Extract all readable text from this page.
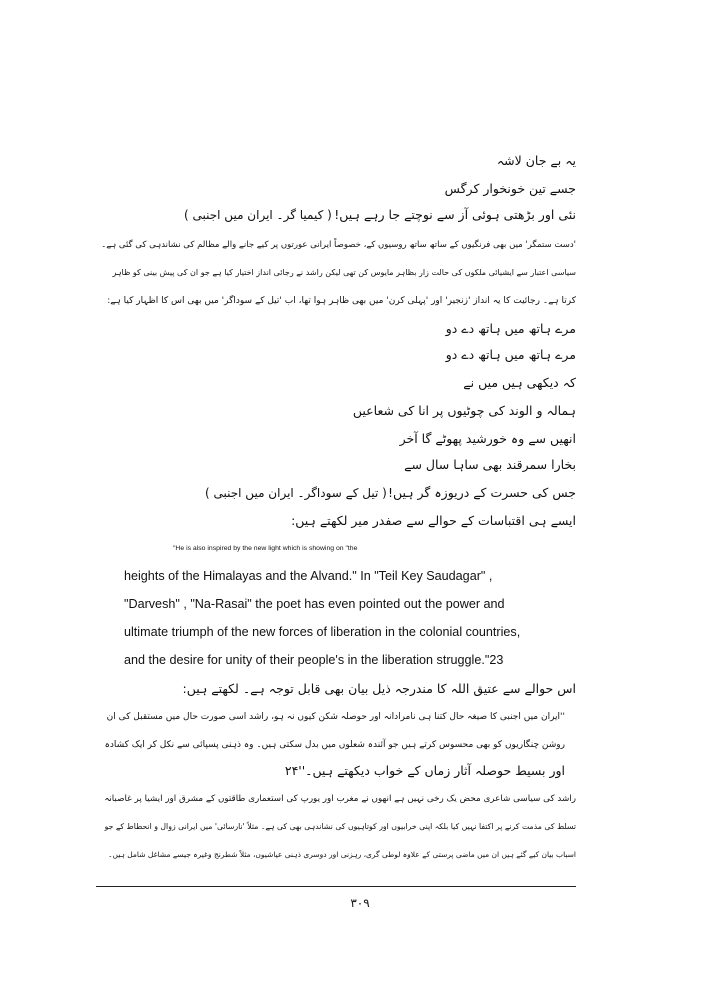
یہ بے جان لاشہ
جسے تین خونخوار کرگس
نئی اور بڑھتی ہوئی آز سے نوچتے جا رہے ہیں!
( کیمیا گر۔ ایران میں اجنبی )
'دست ستمگر' میں بھی فرنگیوں کے ساتھ ساتھ روسیوں کے، خصوصاً ایرانی عورتوں پر کیے جانے والے مظالم کی نشاندہی کی گئی ہے۔
سیاسی اعتبار سے ایشیائی ملکوں کی حالت زار بظاہر مایوس کن تھی لیکن راشد نے رجائی انداز اختیار کیا ہے جو ان کی پیش بینی کو ظاہر
کرتا ہے۔ رجائیت کا یہ انداز 'زنجیر' اور 'پہلی کرن' میں بھی ظاہر ہوا تھا، اب 'تیل کے سوداگر' میں بھی اس کا اظہار کیا ہے:
مرے ہاتھ میں ہاتھ دے دو
مرے ہاتھ میں ہاتھ دے دو
کہ دیکھی ہیں میں نے
ہمالہ و الوند کی چوٹیوں پر انا کی شعاعیں
انھیں سے وہ خورشید پھوٹے گا آخر
بخارا سمرقند بھی ساہا سال سے
جس کی حسرت کے دریوزہ گر ہیں!
( تیل کے سوداگر۔ ایران میں اجنبی )
ایسے ہی اقتباسات کے حوالے سے صفدر میر لکھتے ہیں:
"He is also inspired by the new light which is showing on "the
heights of the Himalayas and the Alvand." In "Teil Key Saudagar" ,
"Darvesh" , "Na-Rasai" the poet has even pointed out the power and
ultimate triumph of the new forces of liberation in the colonial countries,
and the desire for unity of their people's in the liberation struggle."23
اس حوالے سے عتیق اللہ کا مندرجہ ذیل بیان بھی قابل توجہ ہے۔ لکھتے ہیں:
''ایران میں اجنبی کا صیغہ حال کتنا ہی نامرادانہ اور حوصلہ شکن کیوں نہ ہو، راشد اسی صورت حال میں مستقبل کی ان
روشن چنگاریوں کو بھی محسوس کرتے ہیں جو آئندہ شعلوں میں بدل سکتی ہیں۔ وہ ذہنی پسپائی سے نکل کر ایک کشادہ
اور بسیط حوصلہ آثار زماں کے خواب دیکھتے ہیں۔''۲۴
راشد کی سیاسی شاعری محض یک رخی نہیں ہے انھوں نے مغرب اور یورپ کی استعماری طاقتوں کے مشرق اور ایشیا پر غاصبانہ
تسلط کی مذمت کرنے پر اکتفا نہیں کیا بلکہ اپنی خرابیوں اور کوتاہیوں کی نشاندہی بھی کی ہے۔ مثلاً 'نارسائی' میں ایرانی زوال و انحطاط کے جو
اسباب بیان کیے گئے ہیں ان میں ماضی پرستی کے علاوہ لوطی گری، رہزنی اور دوسری ذہنی عیاشیوں، مثلاً شطرنج وغیرہ جیسے مشاغل شامل ہیں۔
۳۰۹
